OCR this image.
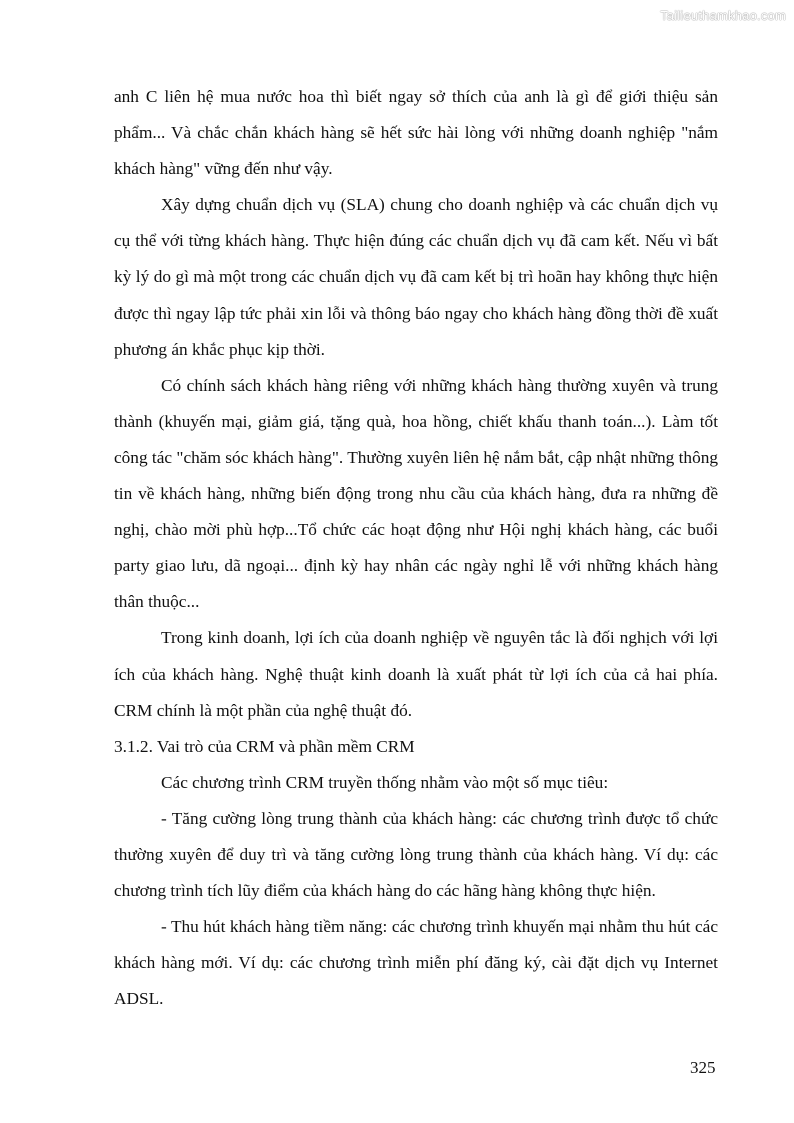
Tailieuthamkhao.com

anh C liên hệ mua nước hoa thì biết ngay sở thích của anh là gì để giới thiệu sản phẩm... Và chắc chắn khách hàng sẽ hết sức hài lòng với những doanh nghiệp "nắm khách hàng" vững đến như vậy.

Xây dựng chuẩn dịch vụ (SLA) chung cho doanh nghiệp và các chuẩn dịch vụ cụ thể với từng khách hàng. Thực hiện đúng các chuẩn dịch vụ đã cam kết. Nếu vì bất kỳ lý do gì mà một trong các chuẩn dịch vụ đã cam kết bị trì hoãn hay không thực hiện được thì ngay lập tức phải xin lỗi và thông báo ngay cho khách hàng đồng thời đề xuất phương án khắc phục kịp thời.

Có chính sách khách hàng riêng với những khách hàng thường xuyên và trung thành (khuyến mại, giảm giá, tặng quà, hoa hồng, chiết khấu thanh toán...). Làm tốt công tác "chăm sóc khách hàng". Thường xuyên liên hệ nắm bắt, cập nhật những thông tin về khách hàng, những biến động trong nhu cầu của khách hàng, đưa ra những đề nghị, chào mời phù hợp...Tổ chức các hoạt động như Hội nghị khách hàng, các buổi party giao lưu, dã ngoại... định kỳ hay nhân các ngày nghỉ lễ với những khách hàng thân thuộc...

Trong kinh doanh, lợi ích của doanh nghiệp về nguyên tắc là đối nghịch với lợi ích của khách hàng. Nghệ thuật kinh doanh là xuất phát từ lợi ích của cả hai phía. CRM chính là một phần của nghệ thuật đó.

3.1.2. Vai trò của CRM và phần mềm CRM

Các chương trình CRM truyền thống nhằm vào một số mục tiêu:

- Tăng cường lòng trung thành của khách hàng: các chương trình được tổ chức thường xuyên để duy trì và tăng cường lòng trung thành của khách hàng. Ví dụ: các chương trình tích lũy điểm của khách hàng do các hãng hàng không thực hiện.

- Thu hút khách hàng tiềm năng: các chương trình khuyến mại nhằm thu hút các khách hàng mới. Ví dụ: các chương trình miễn phí đăng ký, cài đặt dịch vụ Internet ADSL.

325
